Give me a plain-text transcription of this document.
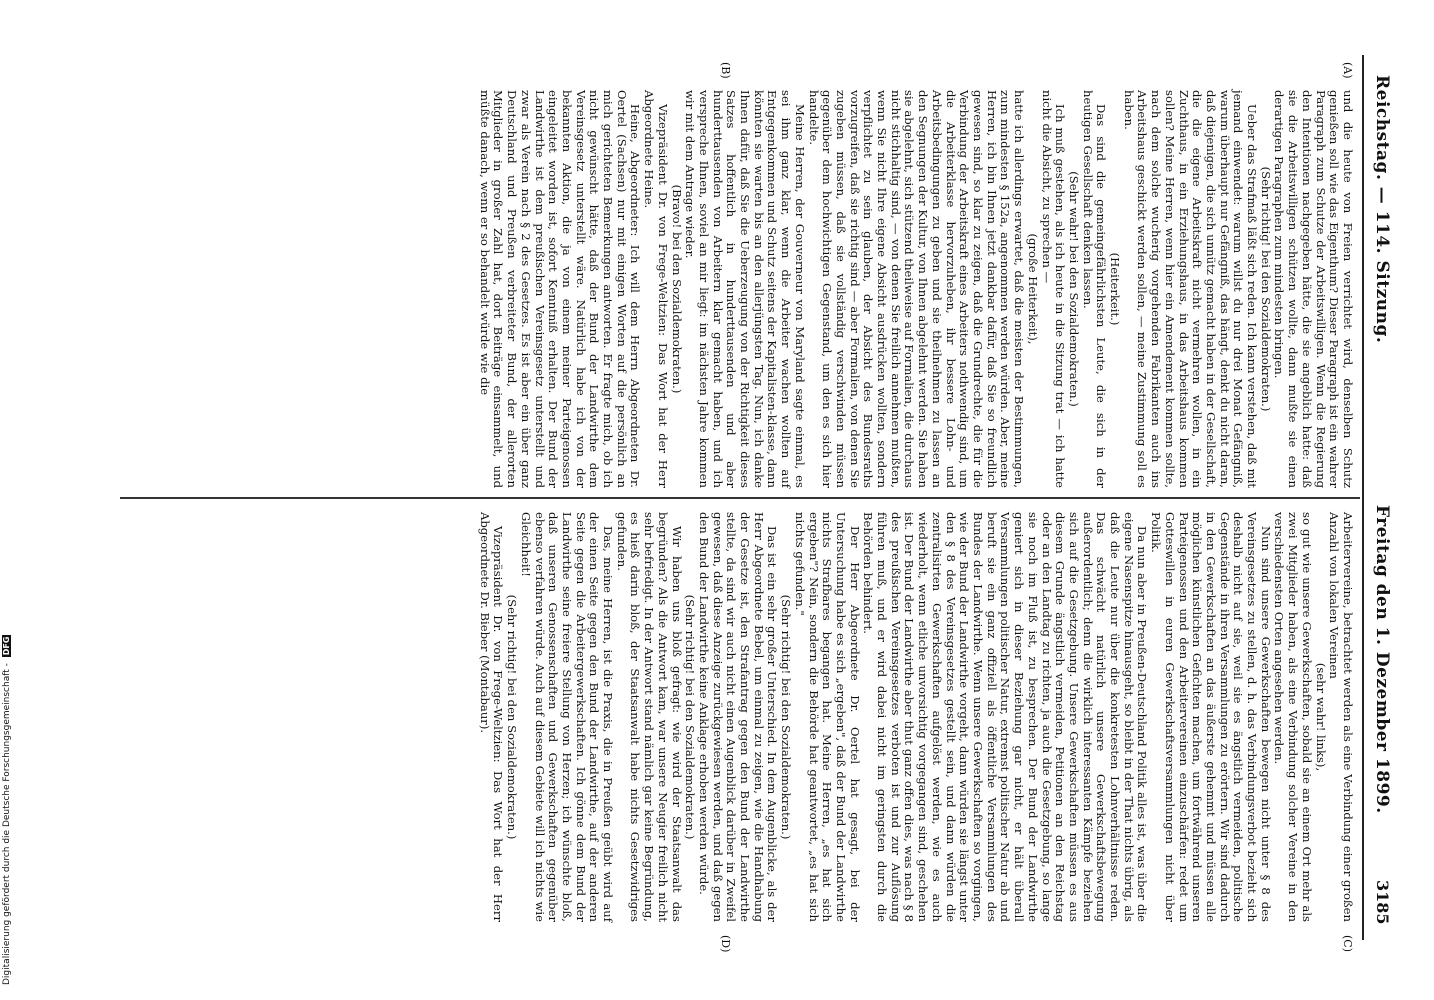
Reichstag. — 114. Sitzung.
Freitag den 1. Dezember 1899.
3185
(A)
(B)
(C)
(D)

und die heute von Freien verrichtet wird, denselben Schutz genießen soll wie das Eigenthum? Dieser Paragraph ist ein wahrer Paragraph zum Schutze der Arbeitswilligen. Wenn die Regierung den Intentionen nachgegeben hätte, die sie angeblich hatte: daß sie die Arbeitswilligen schützen wollte, dann mußte sie einen derartigen Paragraphen zum mindesten bringen.

(Sehr richtig! bei den Sozialdemokraten.)

Ueber das Strafmaß läßt sich reden. Ich kann verstehen, daß mit jemand einwendet: warum willst du nur drei Monat Gefängniß, warum überhaupt nur Gefängniß, das hängt, denkt du nicht daran, daß diejenigen, die sich unnütz gemacht haben in der Gesellschaft, die die eigene Arbeitskraft nicht vermehren wollen, in ein Zuchthaus, in ein Erziehungshaus, in das Arbeitshaus kommen sollen? Meine Herren, wenn hier ein Amendement kommen sollte, nach dem solche wucherig vorgehenden Fabrikanten auch ins Arbeitshaus geschickt werden sollen, — meine Zustimmung soll es haben.

(Heiterkeit.)

Das sind die gemeingefährlichsten Leute, die sich in der heutigen Gesellschaft denken lassen.

(Sehr wahr! bei den Sozialdemokraten.)

Ich muß gestehen, als ich heute in die Sitzung trat — ich hatte nicht die Absicht, zu sprechen —

(große Heiterkeit),

hatte ich allerdings erwartet, daß die meisten der Bestimmungen, zum mindesten § 152a, angenommen werden würden. Aber, meine Herren, ich bin Ihnen jetzt dankbar dafür, daß Sie so freundlich gewesen sind, so klar zu zeigen, daß die Grundrechte, die für die Verbindung der Arbeitskraft eines Arbeiters nothwendig sind, um die Arbeiterklasse hervorzuheben, ihr bessere Lohn- und Arbeitsbedingungen zu geben und sie theilnehmen zu lassen an den Segnungen der Kultur, von Ihnen abgelehnt werden. Sie haben sie abgelehnt, sich stützend theilweise auf Formalien, die durchaus nicht stichhaltig sind, — von denen Sie freilich annehmen mußten, wenn Sie nicht Ihre eigene Absicht ausdrücken wollten, sondern verpflichtet zu sein glauben, der Absicht des Bundesraths vorzugreifen, daß sie richtig sind — aber Formalien, von denen Sie zugeben müssen, daß sie vollständig verschwinden müssen gegenüber dem hochwichtigen Gegenstand, um den es sich hier handelte.

Meine Herren, der Gouverneur von Maryland sagte einmal, es sei ihm ganz klar, wenn die Arbeiter wachen wollten auf Entgegenkommen und Schutz seitens der Kapitalisten-klasse, dann könnten sie warten bis an den allerjüngsten Tag. Nun, ich danke Ihnen dafür, daß Sie die Ueberzeugung von der Richtigkeit dieses Satzes hoffentlich in hunderttausenden und aber hunderttausenden von Arbeitern klar gemacht haben, und ich verspreche Ihnen, soviel an mir liegt: im nächsten Jahre kommen wir mit dem Antrage wieder.

(Bravo! bei den Sozialdemokraten.)

Vizepräsident Dr. von Frege-Weltzien: Das Wort hat der Herr Abgeordnete Heine.

Heine, Abgeordneter: Ich will dem Herrn Abgeordneten Dr. Oertel (Sachsen) nur mit einigen Worten auf die persönlich an mich gerichteten Bemerkungen antworten. Er fragte mich, ob ich nicht gewünscht hätte, daß der Bund der Landwirthe dem Vereinsgesetz unterstellt wäre. Natürlich habe ich von der bekannten Aktion, die ja von einem meiner Parteigenossen eingeleitet worden ist, sofort Kenntniß erhalten. Der Bund der Landwirthe ist dem preußischen Vereinsgesetz unterstellt und zwar als Verein nach § 2 des Gesetzes. Es ist aber ein über ganz Deutschland und Preußen verbreiteter Bund, der allerorten Mitglieder in großer Zahl hat, dort Beiträge einsammelt, und müßte danach, wenn er so behandelt würde wie die

Arbeitervereine, betrachtet werden als eine Verbindung einer großen Anzahl von lokalen Vereinen

(sehr wahr! links),

so gut wie unsere Gewerkschaften, sobald sie an einem Ort mehr als zwei Mitglieder haben, als eine Verbindung solcher Vereine in den verschiedensten Orten angesehen werden.

Nun sind unsere Gewerkschaften bewegen nicht unter § 8 des Vereinsgesetzes zu stellen, d. h. das Verbindungsverbot bezieht sich deshalb nicht auf sie, weil sie es ängstlich vermeiden, politische Gegenstände in ihren Versammlungen zu erörtern. Wir sind dadurch in den Gewerkschaften an das äußerste gehemmt und müssen alle möglichen künstlichen Gefichten machen, um fortwährend unseren Parteigenossen und den Arbeitervereinen einzuschärfen: redet um Gotteswillen in euren Gewerkschaftsversammlungen nicht über Politik.

Da nun aber in Preußen-Deutschland Politik alles ist, was über die eigene Nasenspitze hinausgeht, so bleibt in der That nichts übrig, als daß die Leute nur über die konkretesten Lohnverhältnisse reden. Das schwächt natürlich unsere Gewerkschaftsbewegung außerordentlich; denn die wirklich interessanten Kämpfe beziehen sich auf die Gesetzgebung. Unsere Gewerkschaften müssen es aus diesem Grunde ängstlich vermeiden, Petitionen an den Reichstag oder an den Landtag zu richten, ja auch die Gesetzgebung, so lange sie noch im Fluß ist, zu besprechen. Der Bund der Landwirthe geniert sich in dieser Beziehung gar nicht, er hält überall Versammlungen politischer Natur, extremst politischer Natur ab und beruft sie ein ganz offiziell als öffentliche Versammlungen des Bundes der Landwirthe. Wenn unsere Gewerkschaften so vorgingen, wie der Bund der Landwirthe vorgeht, dann würden sie längst unter den § 8 des Vereinsgesetzes gestellt sein, und dann würden die zentralisirten Gewerkschaften aufgelöst werden, wie es auch wiederholt, wenn etliche unvorsichtig vorgegangen sind, geschehen ist. Der Bund der Landwirthe aber thut ganz offen dies, was nach § 8 des preußischen Vereinsgesetzes verboten ist und zur Auflösung führen muß, und er wird dabei nicht im geringsten durch die Behörden behindert.

Der Herr Abgeordnete Dr. Oertel hat gesagt, bei der Untersuchung habe es sich „ergeben", daß der Bund der Landwirthe nichts Strafbares begangen hat. Meine Herren, „es hat sich ergeben"? Nein, sondern die Behörde hat geantwortet, „es hat sich nichts gefunden."

(Sehr richtig! bei den Sozialdemokraten.)

Das ist ein sehr großer Unterschied. In dem Augenblicke, als der Herr Abgeordnete Bebel, um einmal zu zeigen, wie die Handhabung der Gesetze ist, den Strafantrag gegen den Bund der Landwirthe stellte, da sind wir auch nicht einen Augenblick darüber in Zweifel gewesen, daß diese Anzeige zurückgewiesen werden, und daß gegen den Bund der Landwirthe keine Anklage erhoben werden würde.

(Sehr richtig! bei den Sozialdemokraten.)

Wir haben uns bloß gefragt: wie wird der Staatsanwalt das begründen? Als die Antwort kam, war unsere Neugier freilich nicht sehr befriedigt. In der Antwort stand nämlich gar keine Begründung, es hieß darin bloß, der Staatsanwalt habe nichts Gesetzwidriges gefunden.

Das, meine Herren, ist die Praxis, die in Preußen geübt wird auf der einen Seite gegen den Bund der Landwirthe, auf der anderen Seite gegen die Arbeitergewerkschaften. Ich gönne dem Bund der Landwirthe seine freiere Stellung von Herzen; ich wünschte bloß, daß unseren Genossenschaften und Gewerkschaften gegenüber ebenso verfahren würde. Auch auf diesem Gebiete will ich nichts wie Gleichheit!

(Sehr richtig! bei den Sozialdemokraten.)

Vizepräsident Dr. von Frege-Weltzien: Das Wort hat der Herr Abgeordnete Dr. Bieber (Montabaur).

Digitalisierung gefördert durch die Deutsche Forschungsgemeinschaft - DFG
